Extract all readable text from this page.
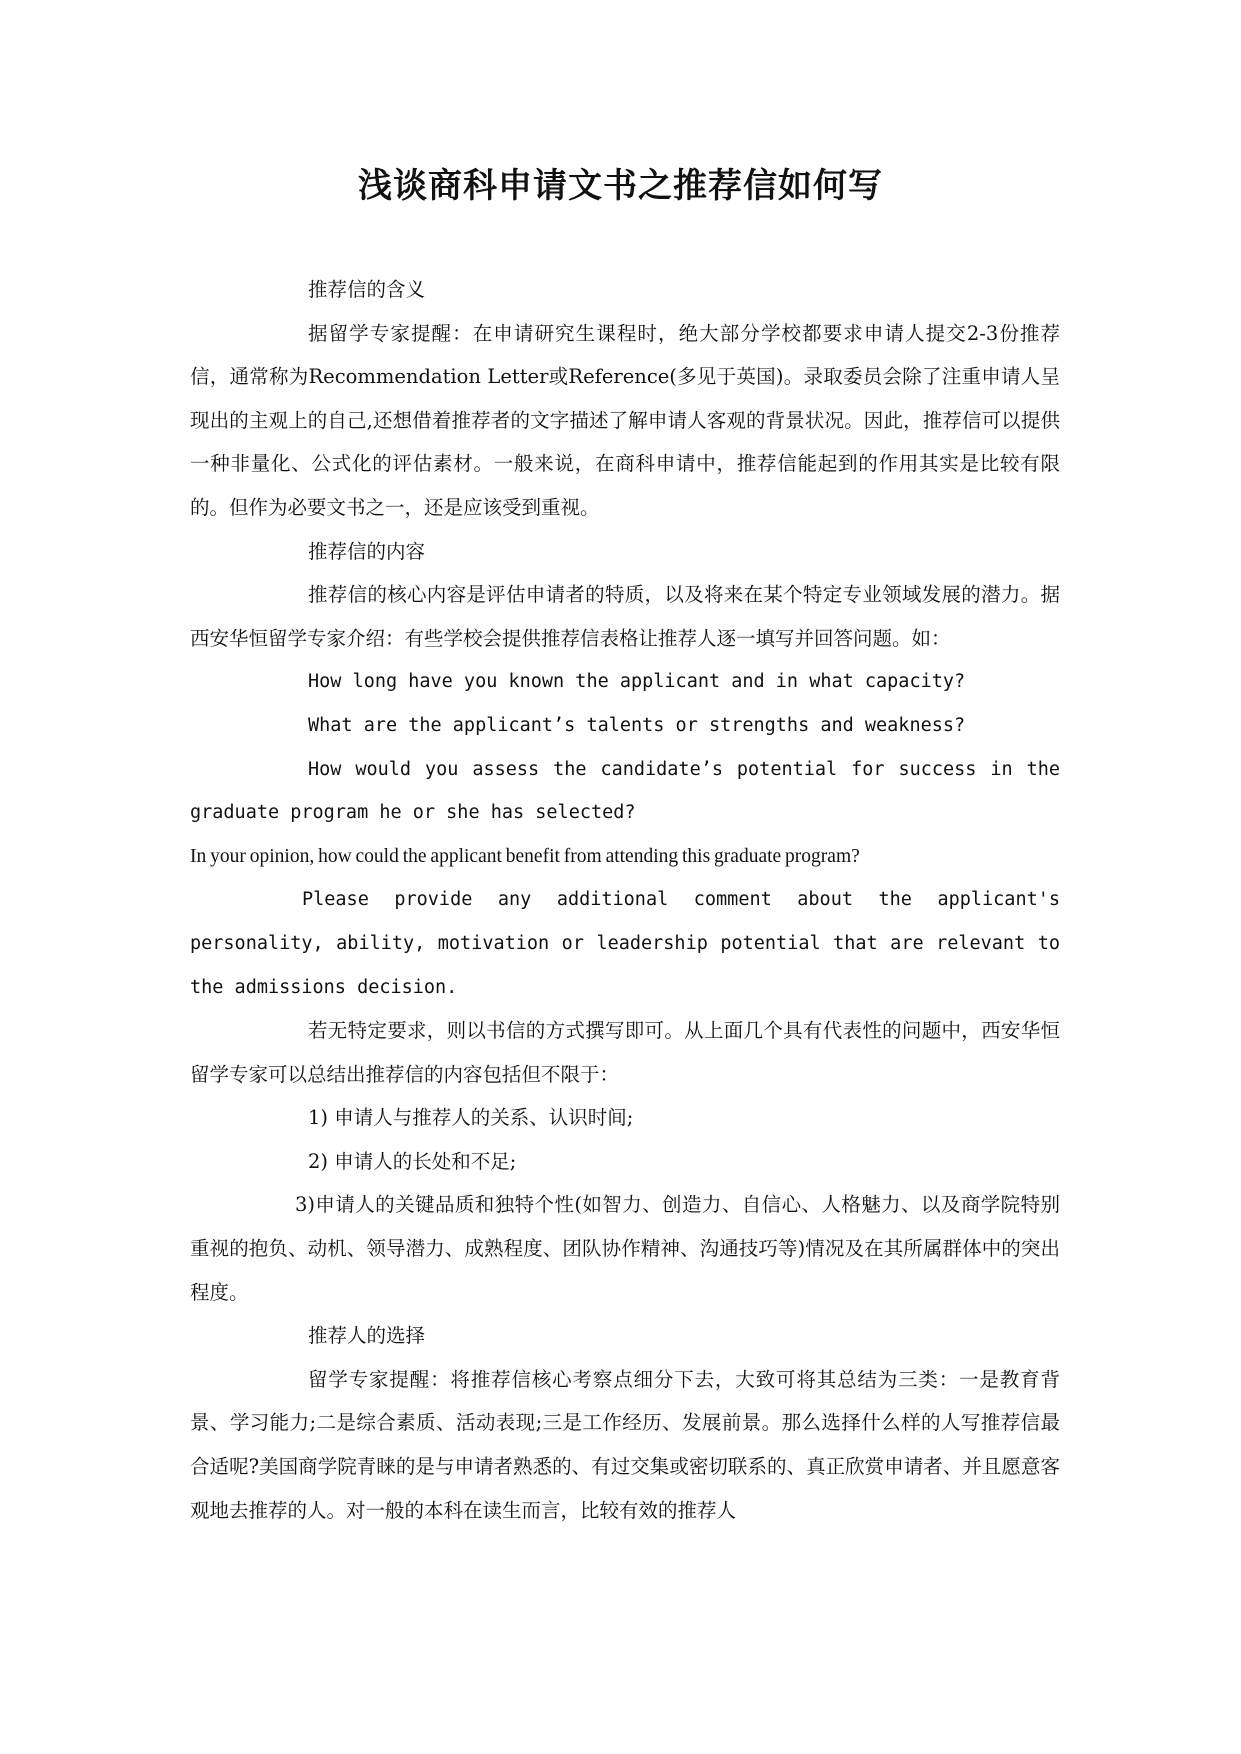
浅谈商科申请文书之推荐信如何写

推荐信的含义

据留学专家提醒：在申请研究生课程时，绝大部分学校都要求申请人提交2-3份推荐信，通常称为Recommendation Letter或Reference(多见于英国)。录取委员会除了注重申请人呈现出的主观上的自己,还想借着推荐者的文字描述了解申请人客观的背景状况。因此，推荐信可以提供一种非量化、公式化的评估素材。一般来说，在商科申请中，推荐信能起到的作用其实是比较有限的。但作为必要文书之一，还是应该受到重视。

推荐信的内容

推荐信的核心内容是评估申请者的特质，以及将来在某个特定专业领域发展的潜力。据西安华恒留学专家介绍：有些学校会提供推荐信表格让推荐人逐一填写并回答问题。如：

How long have you known the applicant and in what capacity?

What are the applicant’s talents or strengths and weakness?

How would you assess the candidate’s potential for success in the graduate program he or she has selected?

In your opinion, how could the applicant benefit from attending this graduate program?

Please provide any additional comment about the applicant's personality, ability, motivation or leadership potential that are relevant to the admissions decision.

若无特定要求，则以书信的方式撰写即可。从上面几个具有代表性的问题中，西安华恒留学专家可以总结出推荐信的内容包括但不限于：

1) 申请人与推荐人的关系、认识时间;

2) 申请人的长处和不足;

3)申请人的关键品质和独特个性(如智力、创造力、自信心、人格魅力、以及商学院特别重视的抱负、动机、领导潜力、成熟程度、团队协作精神、沟通技巧等)情况及在其所属群体中的突出程度。

推荐人的选择

留学专家提醒：将推荐信核心考察点细分下去，大致可将其总结为三类：一是教育背景、学习能力;二是综合素质、活动表现;三是工作经历、发展前景。那么选择什么样的人写推荐信最合适呢?美国商学院青睐的是与申请者熟悉的、有过交集或密切联系的、真正欣赏申请者、并且愿意客观地去推荐的人。对一般的本科在读生而言，比较有效的推荐人
